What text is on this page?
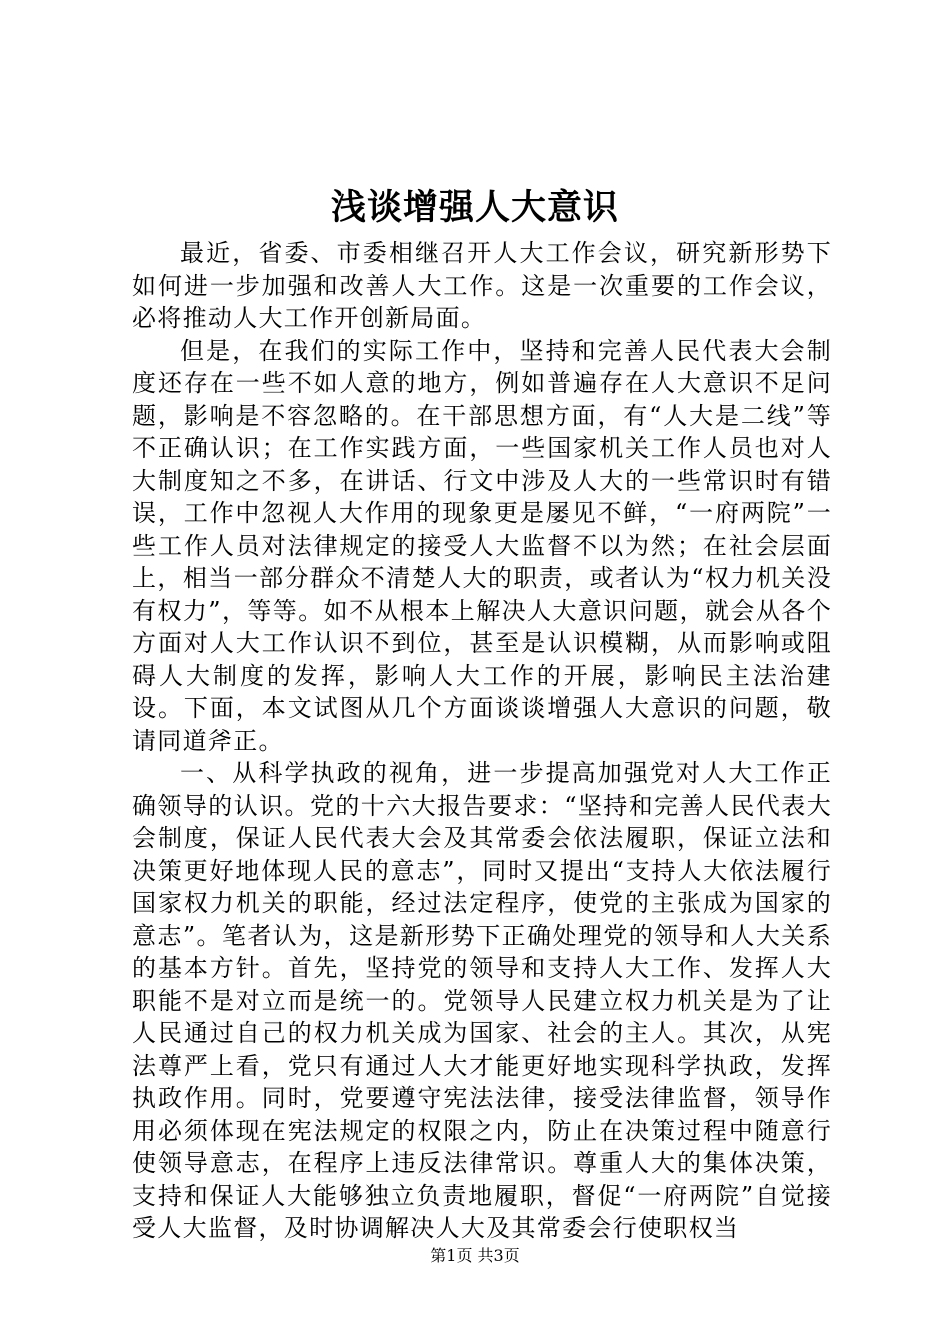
浅谈增强人大意识

最近，省委、市委相继召开人大工作会议，研究新形势下如何进一步加强和改善人大工作。这是一次重要的工作会议，必将推动人大工作开创新局面。

但是，在我们的实际工作中，坚持和完善人民代表大会制度还存在一些不如人意的地方，例如普遍存在人大意识不足问题，影响是不容忽略的。在干部思想方面，有“人大是二线”等不正确认识；在工作实践方面，一些国家机关工作人员也对人大制度知之不多，在讲话、行文中涉及人大的一些常识时有错误，工作中忽视人大作用的现象更是屡见不鲜，“一府两院”一些工作人员对法律规定的接受人大监督不以为然；在社会层面上，相当一部分群众不清楚人大的职责，或者认为“权力机关没有权力”，等等。如不从根本上解决人大意识问题，就会从各个方面对人大工作认识不到位，甚至是认识模糊，从而影响或阻碍人大制度的发挥，影响人大工作的开展，影响民主法治建设。下面，本文试图从几个方面谈谈增强人大意识的问题，敬请同道斧正。

一、从科学执政的视角，进一步提高加强党对人大工作正确领导的认识。党的十六大报告要求：“坚持和完善人民代表大会制度，保证人民代表大会及其常委会依法履职，保证立法和决策更好地体现人民的意志”，同时又提出“支持人大依法履行国家权力机关的职能，经过法定程序，使党的主张成为国家的意志”。笔者认为，这是新形势下正确处理党的领导和人大关系的基本方针。首先，坚持党的领导和支持人大工作、发挥人大职能不是对立而是统一的。党领导人民建立权力机关是为了让人民通过自己的权力机关成为国家、社会的主人。其次，从宪法尊严上看，党只有通过人大才能更好地实现科学执政，发挥执政作用。同时，党要遵守宪法法律，接受法律监督，领导作用必须体现在宪法规定的权限之内，防止在决策过程中随意行使领导意志，在程序上违反法律常识。尊重人大的集体决策，支持和保证人大能够独立负责地履职，督促“一府两院”自觉接受人大监督，及时协调解决人大及其常委会行使职权当

第1页 共3页
